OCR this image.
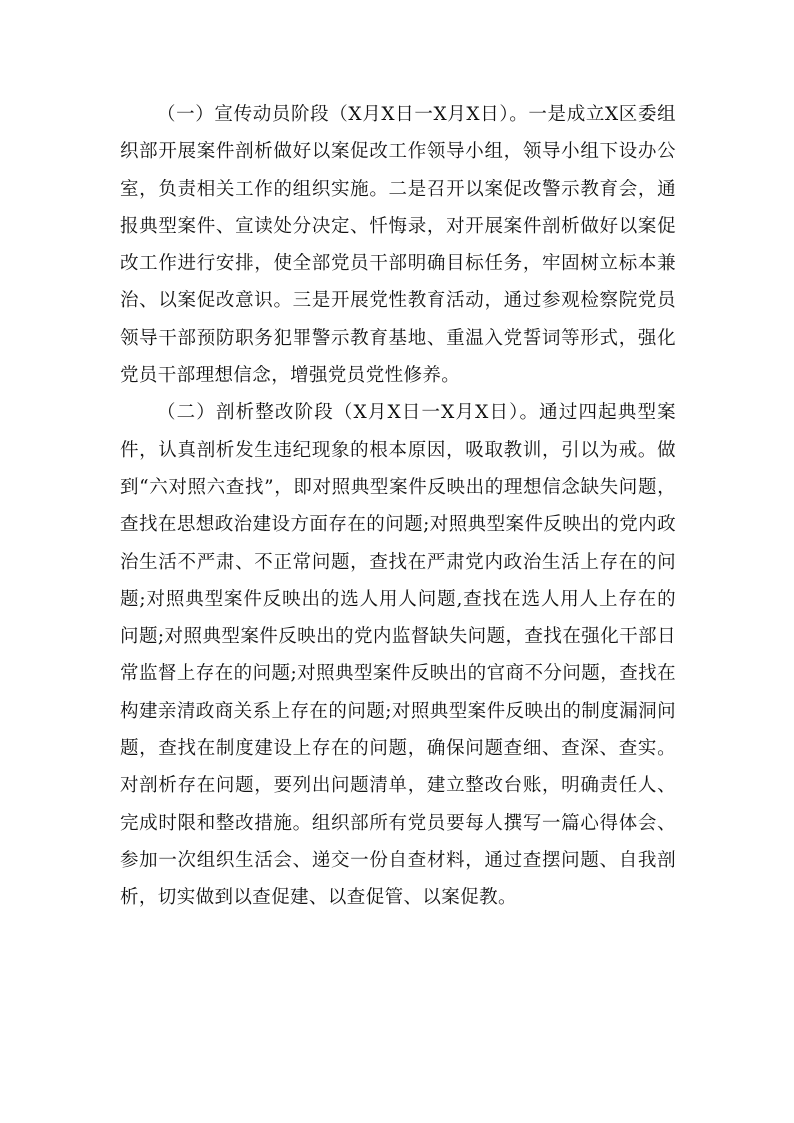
（一）宣传动员阶段（X月X日一X月X日）。一是成立X区委组织部开展案件剖析做好以案促改工作领导小组，领导小组下设办公室，负责相关工作的组织实施。二是召开以案促改警示教育会，通报典型案件、宣读处分决定、忏悔录，对开展案件剖析做好以案促改工作进行安排，使全部党员干部明确目标任务，牢固树立标本兼治、以案促改意识。三是开展党性教育活动，通过参观检察院党员领导干部预防职务犯罪警示教育基地、重温入党誓词等形式，强化党员干部理想信念，增强党员党性修养。

（二）剖析整改阶段（X月X日一X月X日）。通过四起典型案件，认真剖析发生违纪现象的根本原因，吸取教训，引以为戒。做到“六对照六查找”，即对照典型案件反映出的理想信念缺失问题，查找在思想政治建设方面存在的问题;对照典型案件反映出的党内政治生活不严肃、不正常问题，查找在严肃党内政治生活上存在的问题;对照典型案件反映出的选人用人问题,查找在选人用人上存在的问题;对照典型案件反映出的党内监督缺失问题，查找在强化干部日常监督上存在的问题;对照典型案件反映出的官商不分问题，查找在构建亲清政商关系上存在的问题;对照典型案件反映出的制度漏洞问题，查找在制度建设上存在的问题，确保问题查细、查深、查实。对剖析存在问题，要列出问题清单，建立整改台账，明确责任人、完成时限和整改措施。组织部所有党员要每人撰写一篇心得体会、参加一次组织生活会、递交一份自查材料，通过查摆问题、自我剖析，切实做到以查促建、以查促管、以案促教。
